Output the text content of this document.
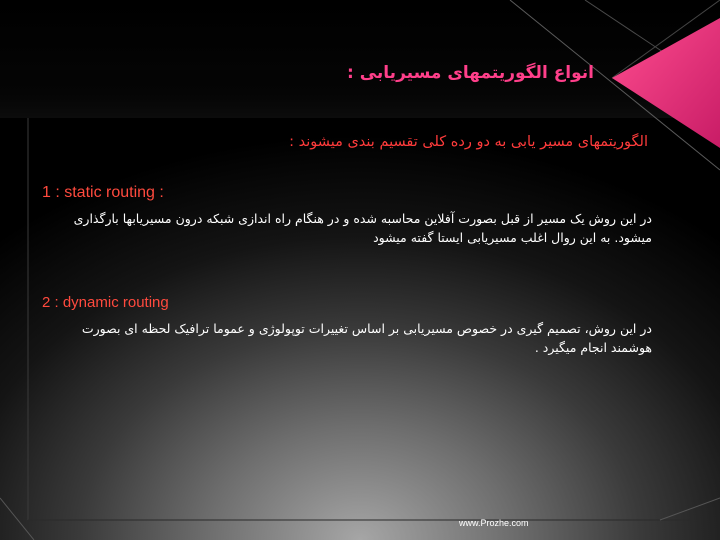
انواع الگوریتمهای مسیریابی :

الگوریتمهای مسیر یابی به دو رده کلی تقسیم بندی میشوند :

1 : static routing :

در این روش یک مسیر از قبل بصورت آفلاین محاسبه شده و در هنگام راه اندازی شبکه درون مسیریابها بارگذاری میشود. به این روال اغلب مسیریابی ایستا گفته میشود

2 : dynamic routing

در این روش، تصمیم گیری در خصوص مسیریابی بر اساس تغییرات توپولوژی و عموما ترافیک لحظه ای بصورت هوشمند انجام میگیرد .

www.Prozhe.com
